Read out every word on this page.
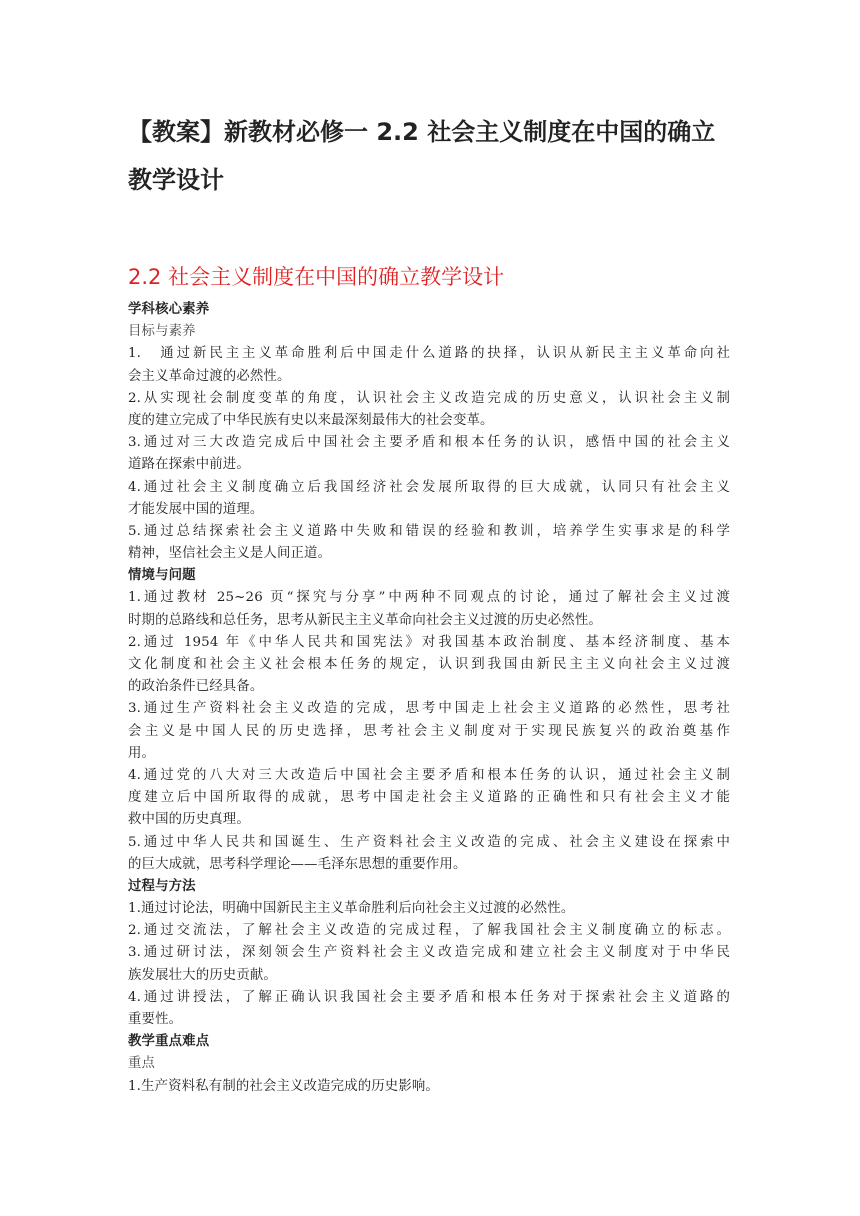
【教案】新教材必修一 2.2 社会主义制度在中国的确立
教学设计
2.2 社会主义制度在中国的确立教学设计
学科核心素养
目标与素养
1.　通过新民主主义革命胜利后中国走什么道路的抉择，认识从新民主主义革命向社
会主义革命过渡的必然性。
2.从实现社会制度变革的角度，认识社会主义改造完成的历史意义，认识社会主义制
度的建立完成了中华民族有史以来最深刻最伟大的社会变革。
3.通过对三大改造完成后中国社会主要矛盾和根本任务的认识，感悟中国的社会主义
道路在探索中前进。
4.通过社会主义制度确立后我国经济社会发展所取得的巨大成就，认同只有社会主义
才能发展中国的道理。
5.通过总结探索社会主义道路中失败和错误的经验和教训，培养学生实事求是的科学
精神，坚信社会主义是人间正道。
情境与问题
1.通过教材 25~26 页“探究与分享”中两种不同观点的讨论，通过了解社会主义过渡
时期的总路线和总任务，思考从新民主主义革命向社会主义过渡的历史必然性。
2.通过 1954 年《中华人民共和国宪法》对我国基本政治制度、基本经济制度、基本
文化制度和社会主义社会根本任务的规定，认识到我国由新民主主义向社会主义过渡
的政治条件已经具备。
3.通过生产资料社会主义改造的完成，思考中国走上社会主义道路的必然性，思考社
会主义是中国人民的历史选择，思考社会主义制度对于实现民族复兴的政治奠基作
用。
4.通过党的八大对三大改造后中国社会主要矛盾和根本任务的认识，通过社会主义制
度建立后中国所取得的成就，思考中国走社会主义道路的正确性和只有社会主义才能
救中国的历史真理。
5.通过中华人民共和国诞生、生产资料社会主义改造的完成、社会主义建设在探索中
的巨大成就，思考科学理论——毛泽东思想的重要作用。
过程与方法
1.通过讨论法，明确中国新民主主义革命胜利后向社会主义过渡的必然性。
2.通过交流法，了解社会主义改造的完成过程，了解我国社会主义制度确立的标志。
3.通过研讨法，深刻领会生产资料社会主义改造完成和建立社会主义制度对于中华民
族发展壮大的历史贡献。
4.通过讲授法，了解正确认识我国社会主要矛盾和根本任务对于探索社会主义道路的
重要性。
教学重点难点
重点
1.生产资料私有制的社会主义改造完成的历史影响。
